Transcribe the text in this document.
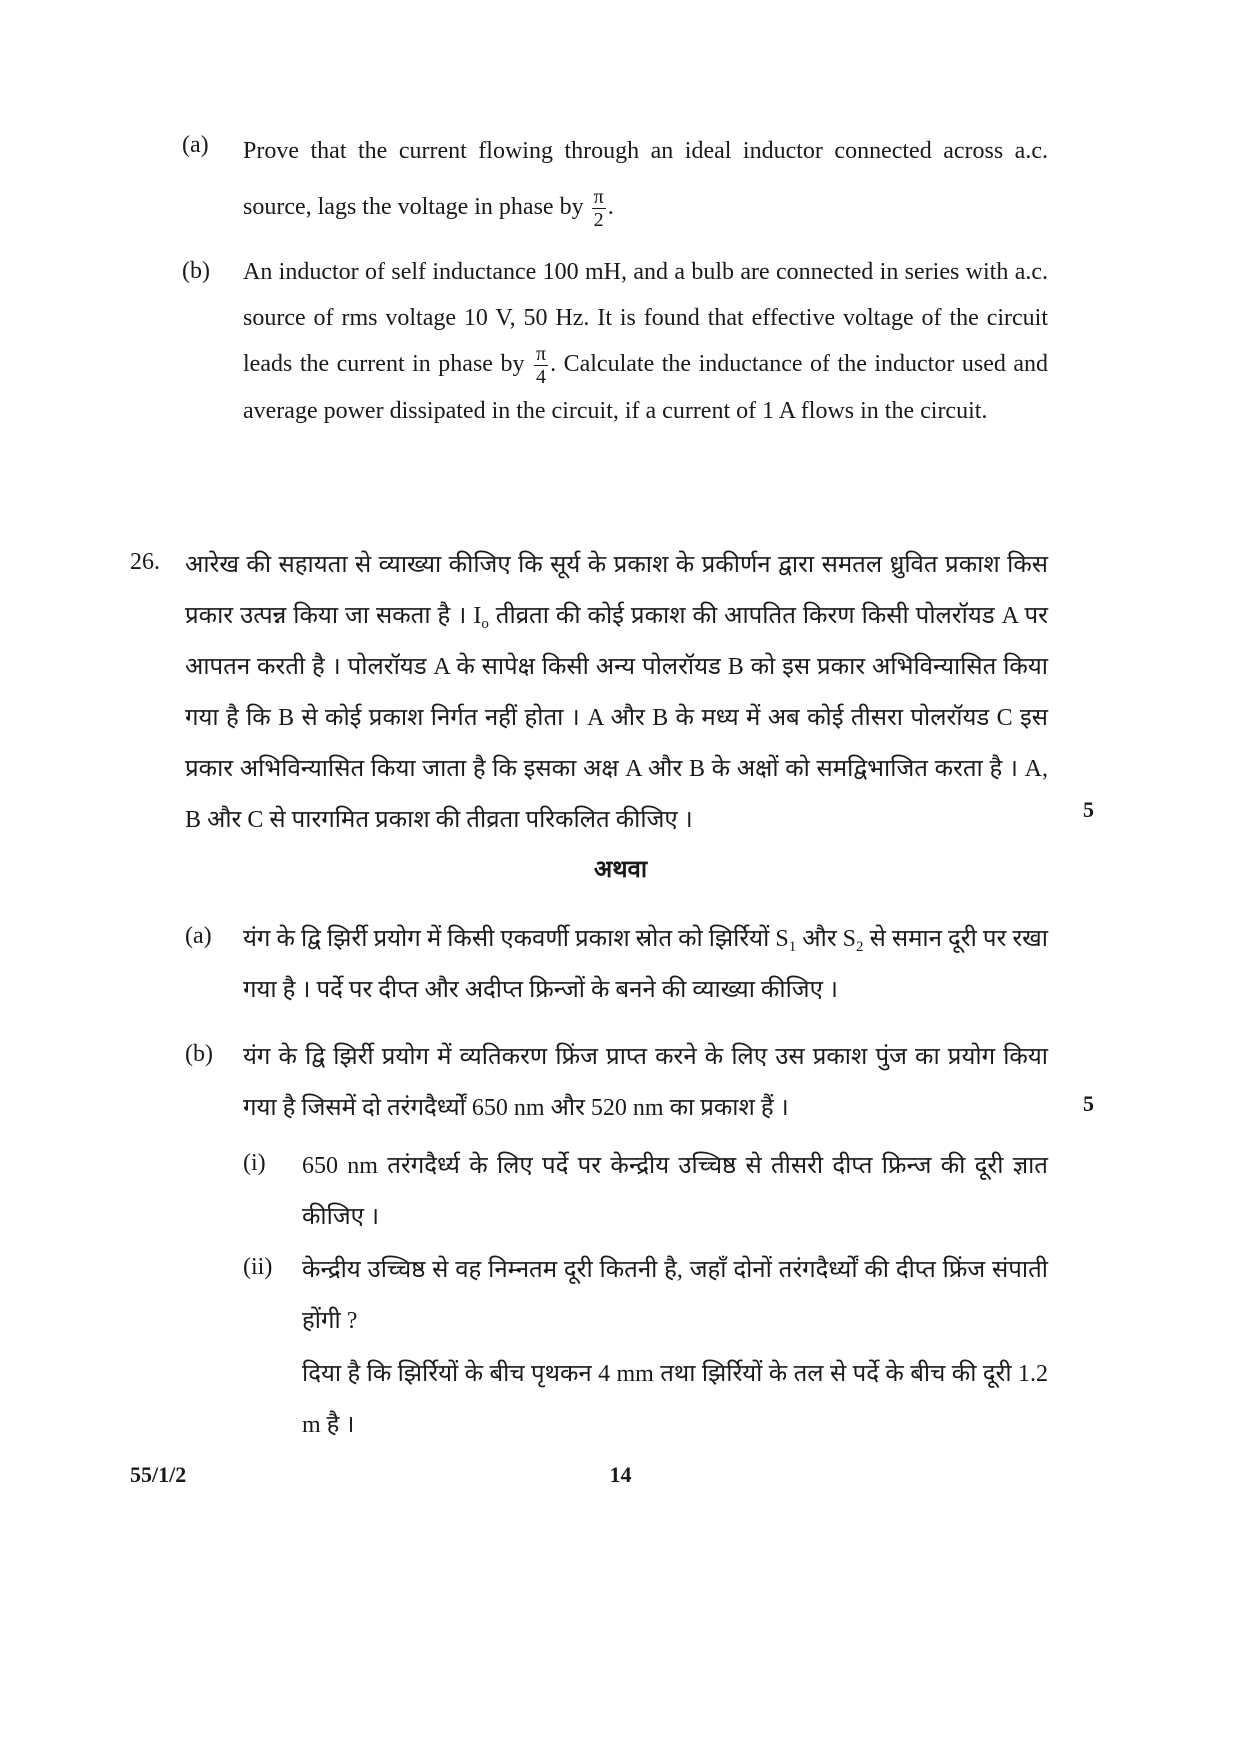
(a) Prove that the current flowing through an ideal inductor connected across a.c. source, lags the voltage in phase by $\frac{\pi}{2}$ .
(b) An inductor of self inductance 100 mH, and a bulb are connected in series with a.c. source of rms voltage 10 V, 50 Hz. It is found that effective voltage of the circuit leads the current in phase by $\frac{\pi}{4}$ . Calculate the inductance of the inductor used and average power dissipated in the circuit, if a current of 1 A flows in the circuit.
26. आरेख की सहायता से व्याख्या कीजिए कि सूर्य के प्रकाश के प्रकीर्णन द्वारा समतल ध्रुवित प्रकाश किस प्रकार उत्पन्न किया जा सकता है । $I_o$ तीव्रता की कोई प्रकाश की आपतित किरण किसी पोलरॉयड A पर आपतन करती है । पोलरॉयड A के सापेक्ष किसी अन्य पोलरॉयड B को इस प्रकार अभिविन्यासित किया गया है कि B से कोई प्रकाश निर्गत नहीं होता । A और B के मध्य में अब कोई तीसरा पोलरॉयड C इस प्रकार अभिविन्यासित किया जाता है कि इसका अक्ष A और B के अक्षों को समद्विभाजित करता है । A, B और C से पारगमित प्रकाश की तीव्रता परिकलित कीजिए ।	5
अथवा
(a) यंग के द्वि झिर्री प्रयोग में किसी एकवर्णी प्रकाश स्रोत को झिर्रियों $S_1$ और $S_2$ से समान दूरी पर रखा गया है । पर्दे पर दीप्त और अदीप्त फ्रिन्जों के बनने की व्याख्या कीजिए ।
(b) यंग के द्वि झिर्री प्रयोग में व्यतिकरण फ्रिंज प्राप्त करने के लिए उस प्रकाश पुंज का प्रयोग किया गया है जिसमें दो तरंगदैर्ध्यों 650 nm और 520 nm का प्रकाश हैं ।	5
(i) 650 nm तरंगदैर्ध्य के लिए पर्दे पर केन्द्रीय उच्चिष्ठ से तीसरी दीप्त फ्रिन्ज की दूरी ज्ञात कीजिए ।
(ii) केन्द्रीय उच्चिष्ठ से वह निम्नतम दूरी कितनी है, जहाँ दोनों तरंगदैर्ध्यों की दीप्त फ्रिंज संपाती होंगी ?
दिया है कि झिर्रियों के बीच पृथकन 4 mm तथा झिर्रियों के तल से पर्दे के बीच की दूरी 1.2 m है ।
55/1/2	14
